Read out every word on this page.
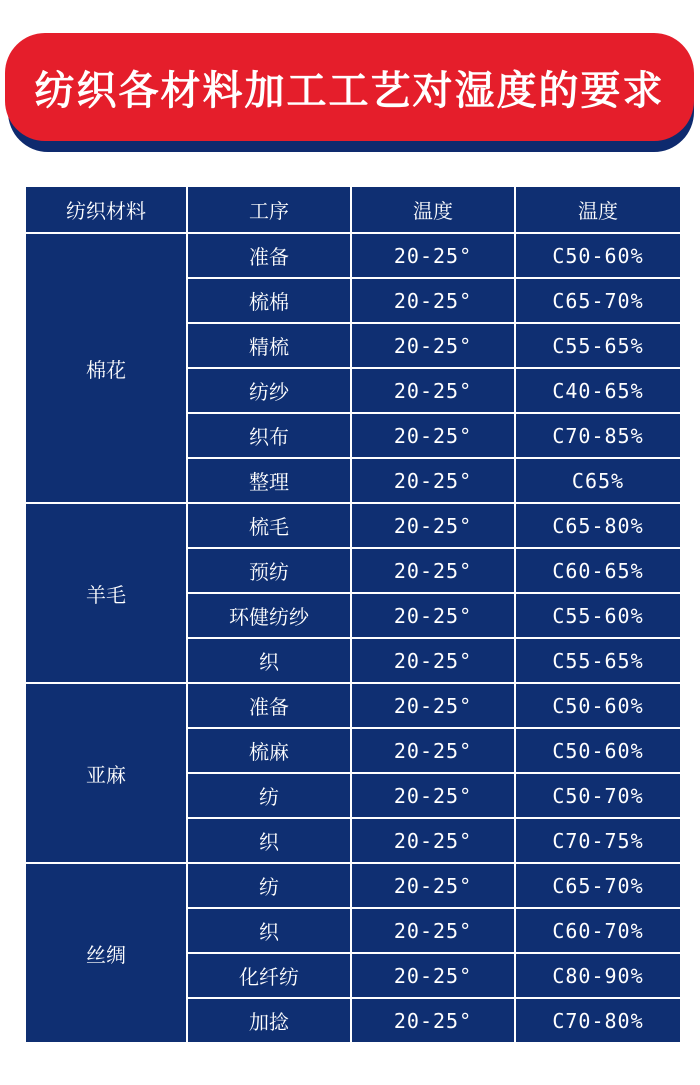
纺织各材料加工工艺对湿度的要求
纺织材料	工序	温度	温度
棉花	准备	20-25°	C50-60%
	梳棉	20-25°	C65-70%
	精梳	20-25°	C55-65%
	纺纱	20-25°	C40-65%
	织布	20-25°	C70-85%
	整理	20-25°	C65%
羊毛	梳毛	20-25°	C65-80%
	预纺	20-25°	C60-65%
	环健纺纱	20-25°	C55-60%
	织	20-25°	C55-65%
亚麻	准备	20-25°	C50-60%
	梳麻	20-25°	C50-60%
	纺	20-25°	C50-70%
	织	20-25°	C70-75%
丝绸	纺	20-25°	C65-70%
	织	20-25°	C60-70%
	化纤纺	20-25°	C80-90%
	加捻	20-25°	C70-80%
